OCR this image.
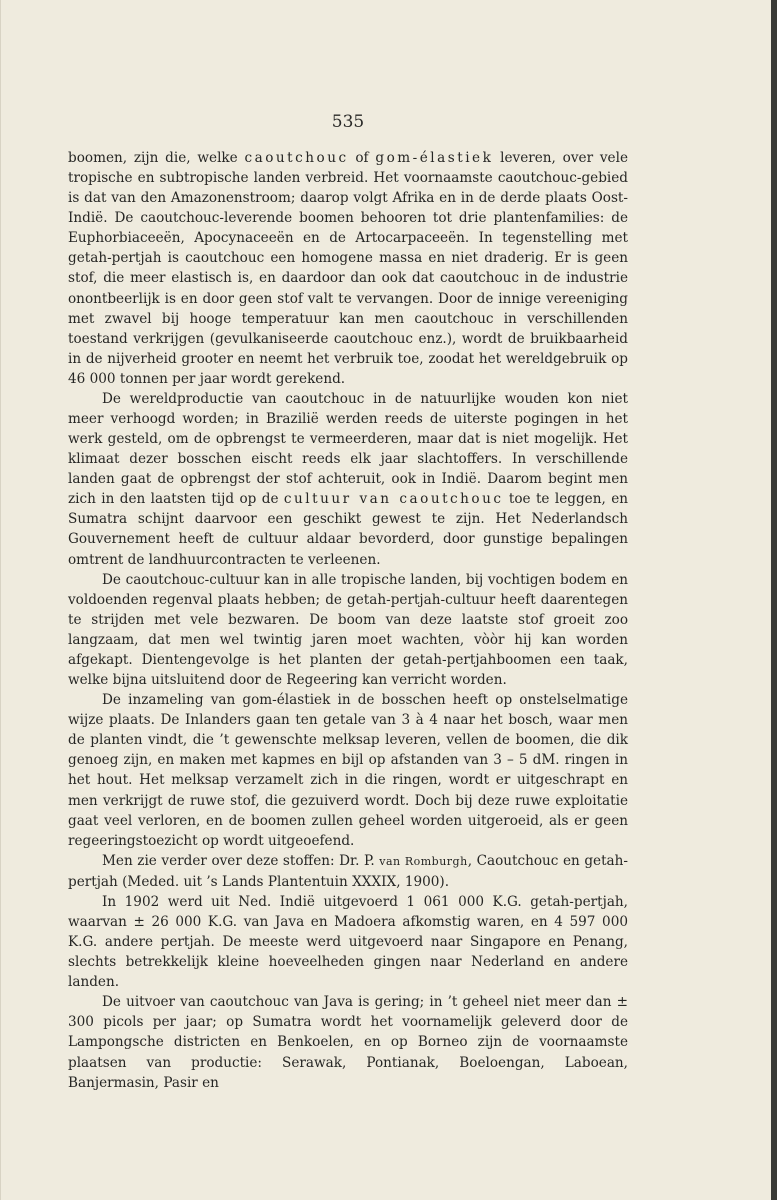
535

boomen, zijn die, welke caoutchouc of gom-élastiek leveren, over vele tropische en subtropische landen verbreid. Het voornaamste caoutchouc-gebied is dat van den Amazonenstroom; daarop volgt Afrika en in de derde plaats Oost-Indië. De caoutchouc-leverende boomen behooren tot drie plantenfamilies: de Euphorbiaceeën, Apocynaceeën en de Artocarpaceeën. In tegenstelling met getah-pertjah is caoutchouc een homogene massa en niet draderig. Er is geen stof, die meer elastisch is, en daardoor dan ook dat caoutchouc in de industrie onontbeerlijk is en door geen stof valt te vervangen. Door de innige vereeniging met zwavel bij hooge temperatuur kan men caoutchouc in verschillenden toestand verkrijgen (gevulkaniseerde caoutchouc enz.), wordt de bruikbaarheid in de nijverheid grooter en neemt het verbruik toe, zoodat het wereldgebruik op 46 000 tonnen per jaar wordt gerekend.

De wereldproductie van caoutchouc in de natuurlijke wouden kon niet meer verhoogd worden; in Brazilië werden reeds de uiterste pogingen in het werk gesteld, om de opbrengst te vermeerderen, maar dat is niet mogelijk. Het klimaat dezer bosschen eischt reeds elk jaar slachtoffers. In verschillende landen gaat de opbrengst der stof achteruit, ook in Indië. Daarom begint men zich in den laatsten tijd op de cultuur van caoutchouc toe te leggen, en Sumatra schijnt daarvoor een geschikt gewest te zijn. Het Nederlandsch Gouvernement heeft de cultuur aldaar bevorderd, door gunstige bepalingen omtrent de landhuurcontracten te verleenen.

De caoutchouc-cultuur kan in alle tropische landen, bij vochtigen bodem en voldoenden regenval plaats hebben; de getah-pertjah-cultuur heeft daarentegen te strijden met vele bezwaren. De boom van deze laatste stof groeit zoo langzaam, dat men wel twintig jaren moet wachten, vòòr hij kan worden afgekapt. Dientengevolge is het planten der getah-pertjahboomen een taak, welke bijna uitsluitend door de Regeering kan verricht worden.

De inzameling van gom-élastiek in de bosschen heeft op onstelselmatige wijze plaats. De Inlanders gaan ten getale van 3 à 4 naar het bosch, waar men de planten vindt, die ’t gewenschte melksap leveren, vellen de boomen, die dik genoeg zijn, en maken met kapmes en bijl op afstanden van 3 – 5 dM. ringen in het hout. Het melksap verzamelt zich in die ringen, wordt er uitgeschrapt en men verkrijgt de ruwe stof, die gezuiverd wordt. Doch bij deze ruwe exploitatie gaat veel verloren, en de boomen zullen geheel worden uitgeroeid, als er geen regeeringstoezicht op wordt uitgeoefend.

Men zie verder over deze stoffen: Dr. P. van Romburgh, Caoutchouc en getah-pertjah (Meded. uit ’s Lands Plantentuin XXXIX, 1900).

In 1902 werd uit Ned. Indië uitgevoerd 1 061 000 K.G. getah-pertjah, waarvan ± 26 000 K.G. van Java en Madoera afkomstig waren, en 4 597 000 K.G. andere pertjah. De meeste werd uitgevoerd naar Singapore en Penang, slechts betrekkelijk kleine hoeveelheden gingen naar Nederland en andere landen.

De uitvoer van caoutchouc van Java is gering; in ’t geheel niet meer dan ± 300 picols per jaar; op Sumatra wordt het voornamelijk geleverd door de Lampongsche districten en Benkoelen, en op Borneo zijn de voornaamste plaatsen van productie: Serawak, Pontianak, Boeloengan, Laboean, Banjermasin, Pasir en
